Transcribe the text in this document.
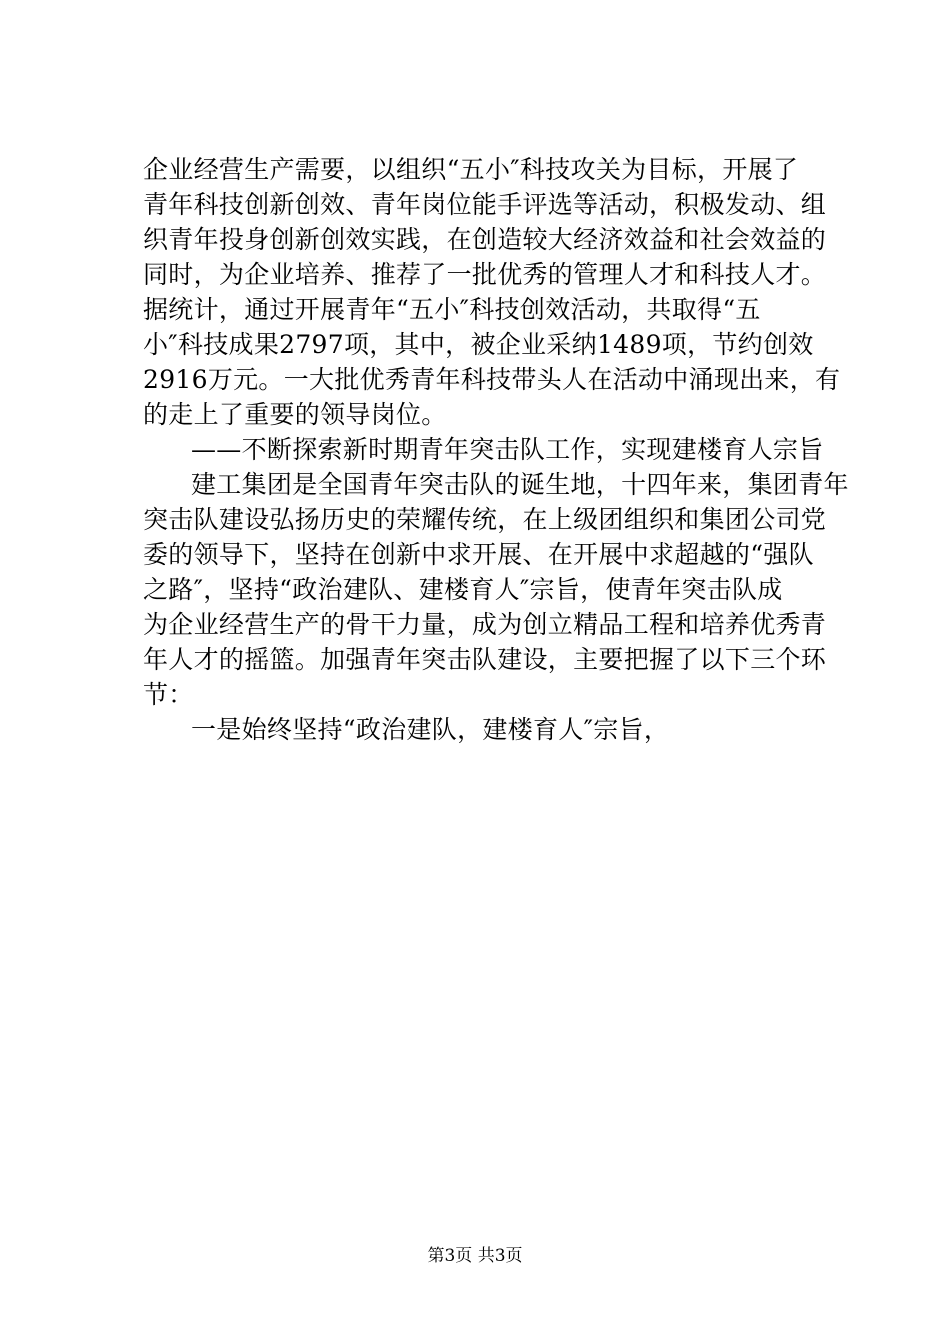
企业经营生产需要，以组织“五小″科技攻关为目标，开展了
青年科技创新创效、青年岗位能手评选等活动，积极发动、组
织青年投身创新创效实践，在创造较大经济效益和社会效益的
同时，为企业培养、推荐了一批优秀的管理人才和科技人才。
据统计，通过开展青年“五小″科技创效活动，共取得“五
小″科技成果2797项，其中，被企业采纳1489项，节约创效
2916万元。一大批优秀青年科技带头人在活动中涌现出来，有
的走上了重要的领导岗位。
——不断探索新时期青年突击队工作，实现建楼育人宗旨
建工集团是全国青年突击队的诞生地，十四年来，集团青年
突击队建设弘扬历史的荣耀传统，在上级团组织和集团公司党
委的领导下，坚持在创新中求开展、在开展中求超越的“强队
之路″，坚持“政治建队、建楼育人″宗旨，使青年突击队成
为企业经营生产的骨干力量，成为创立精品工程和培养优秀青
年人才的摇篮。加强青年突击队建设，主要把握了以下三个环
节：
一是始终坚持“政治建队，建楼育人″宗旨，
第3页 共3页
